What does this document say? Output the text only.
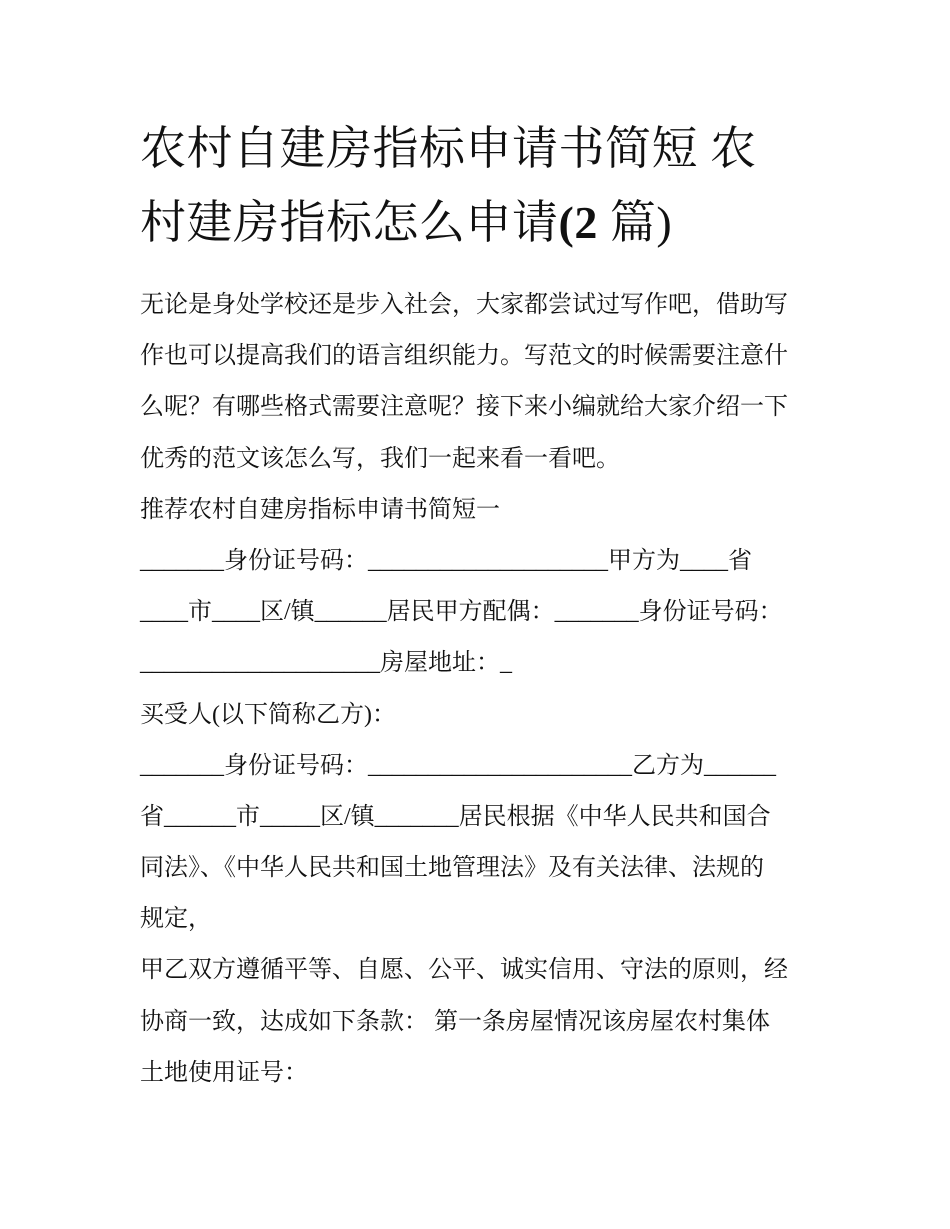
农村自建房指标申请书简短 农
村建房指标怎么申请(2 篇)
无论是身处学校还是步入社会，大家都尝试过写作吧，借助写
作也可以提高我们的语言组织能力。写范文的时候需要注意什
么呢？有哪些格式需要注意呢？接下来小编就给大家介绍一下
优秀的范文该怎么写，我们一起来看一看吧。
推荐农村自建房指标申请书简短一
_______身份证号码：____________________甲方为____省
____市____区/镇______居民甲方配偶：_______身份证号码：
____________________房屋地址：_
买受人(以下简称乙方)：
_______身份证号码：______________________乙方为______
省______市_____区/镇_______居民根据《中华人民共和国合
同法》、《中华人民共和国土地管理法》及有关法律、法规的
规定，
甲乙双方遵循平等、自愿、公平、诚实信用、守法的原则，经
协商一致，达成如下条款： 第一条房屋情况该房屋农村集体
土地使用证号：
